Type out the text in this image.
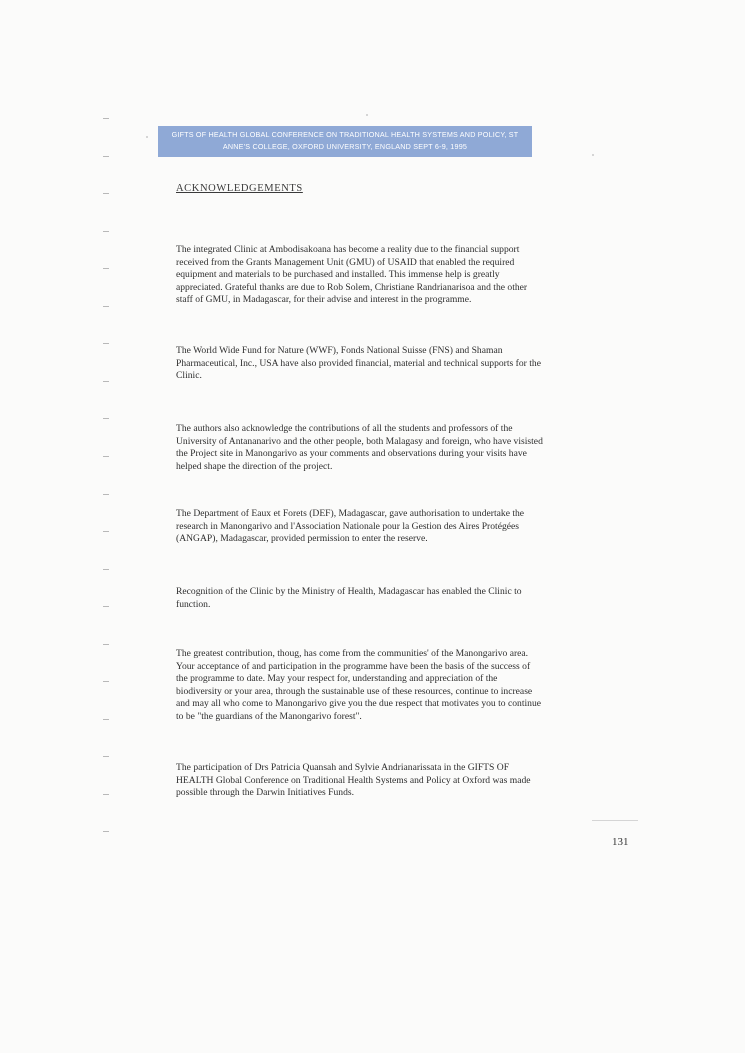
GIFTS OF HEALTH GLOBAL CONFERENCE ON TRADITIONAL HEALTH SYSTEMS AND POLICY, ST
ANNE'S COLLEGE, OXFORD UNIVERSITY, ENGLAND SEPT 6-9, 1995
ACKNOWLEDGEMENTS
The integrated Clinic at Ambodisakoana has become a reality due to the financial support
received from the Grants Management Unit (GMU) of USAID that enabled the required
equipment and materials to be purchased and installed. This immense help is greatly
appreciated. Grateful thanks are due to Rob Solem, Christiane Randrianarisoa and the other
staff of GMU, in Madagascar, for their advise and interest in the programme.
The World Wide Fund for Nature (WWF), Fonds National Suisse (FNS) and Shaman
Pharmaceutical, Inc., USA have also provided financial, material and technical supports for the
Clinic.
The authors also acknowledge the contributions of all the students and professors of the
University of Antananarivo and the other people, both Malagasy and foreign, who have visisted
the Project site in Manongarivo as your comments and observations during your visits have
helped shape the direction of the project.
The Department of Eaux et Forets (DEF), Madagascar, gave authorisation to undertake the
research in Manongarivo and l'Association Nationale pour la Gestion des Aires Protégées
(ANGAP), Madagascar, provided permission to enter the reserve.
Recognition of the Clinic by the Ministry of Health, Madagascar has enabled the Clinic to
function.
The greatest contribution, thoug, has come from the communities' of the Manongarivo area.
Your acceptance of and participation in the programme have been the basis of the success of
the programme to date. May your respect for, understanding and appreciation of the
biodiversity or your area, through the sustainable use of these resources, continue to increase
and may all who come to Manongarivo give you the due respect that motivates you to continue
to be "the guardians of the Manongarivo forest".
The participation of Drs Patricia Quansah and Sylvie Andrianarissata in the GIFTS OF
HEALTH Global Conference on Traditional Health Systems and Policy at Oxford was made
possible through the Darwin Initiatives Funds.
131
